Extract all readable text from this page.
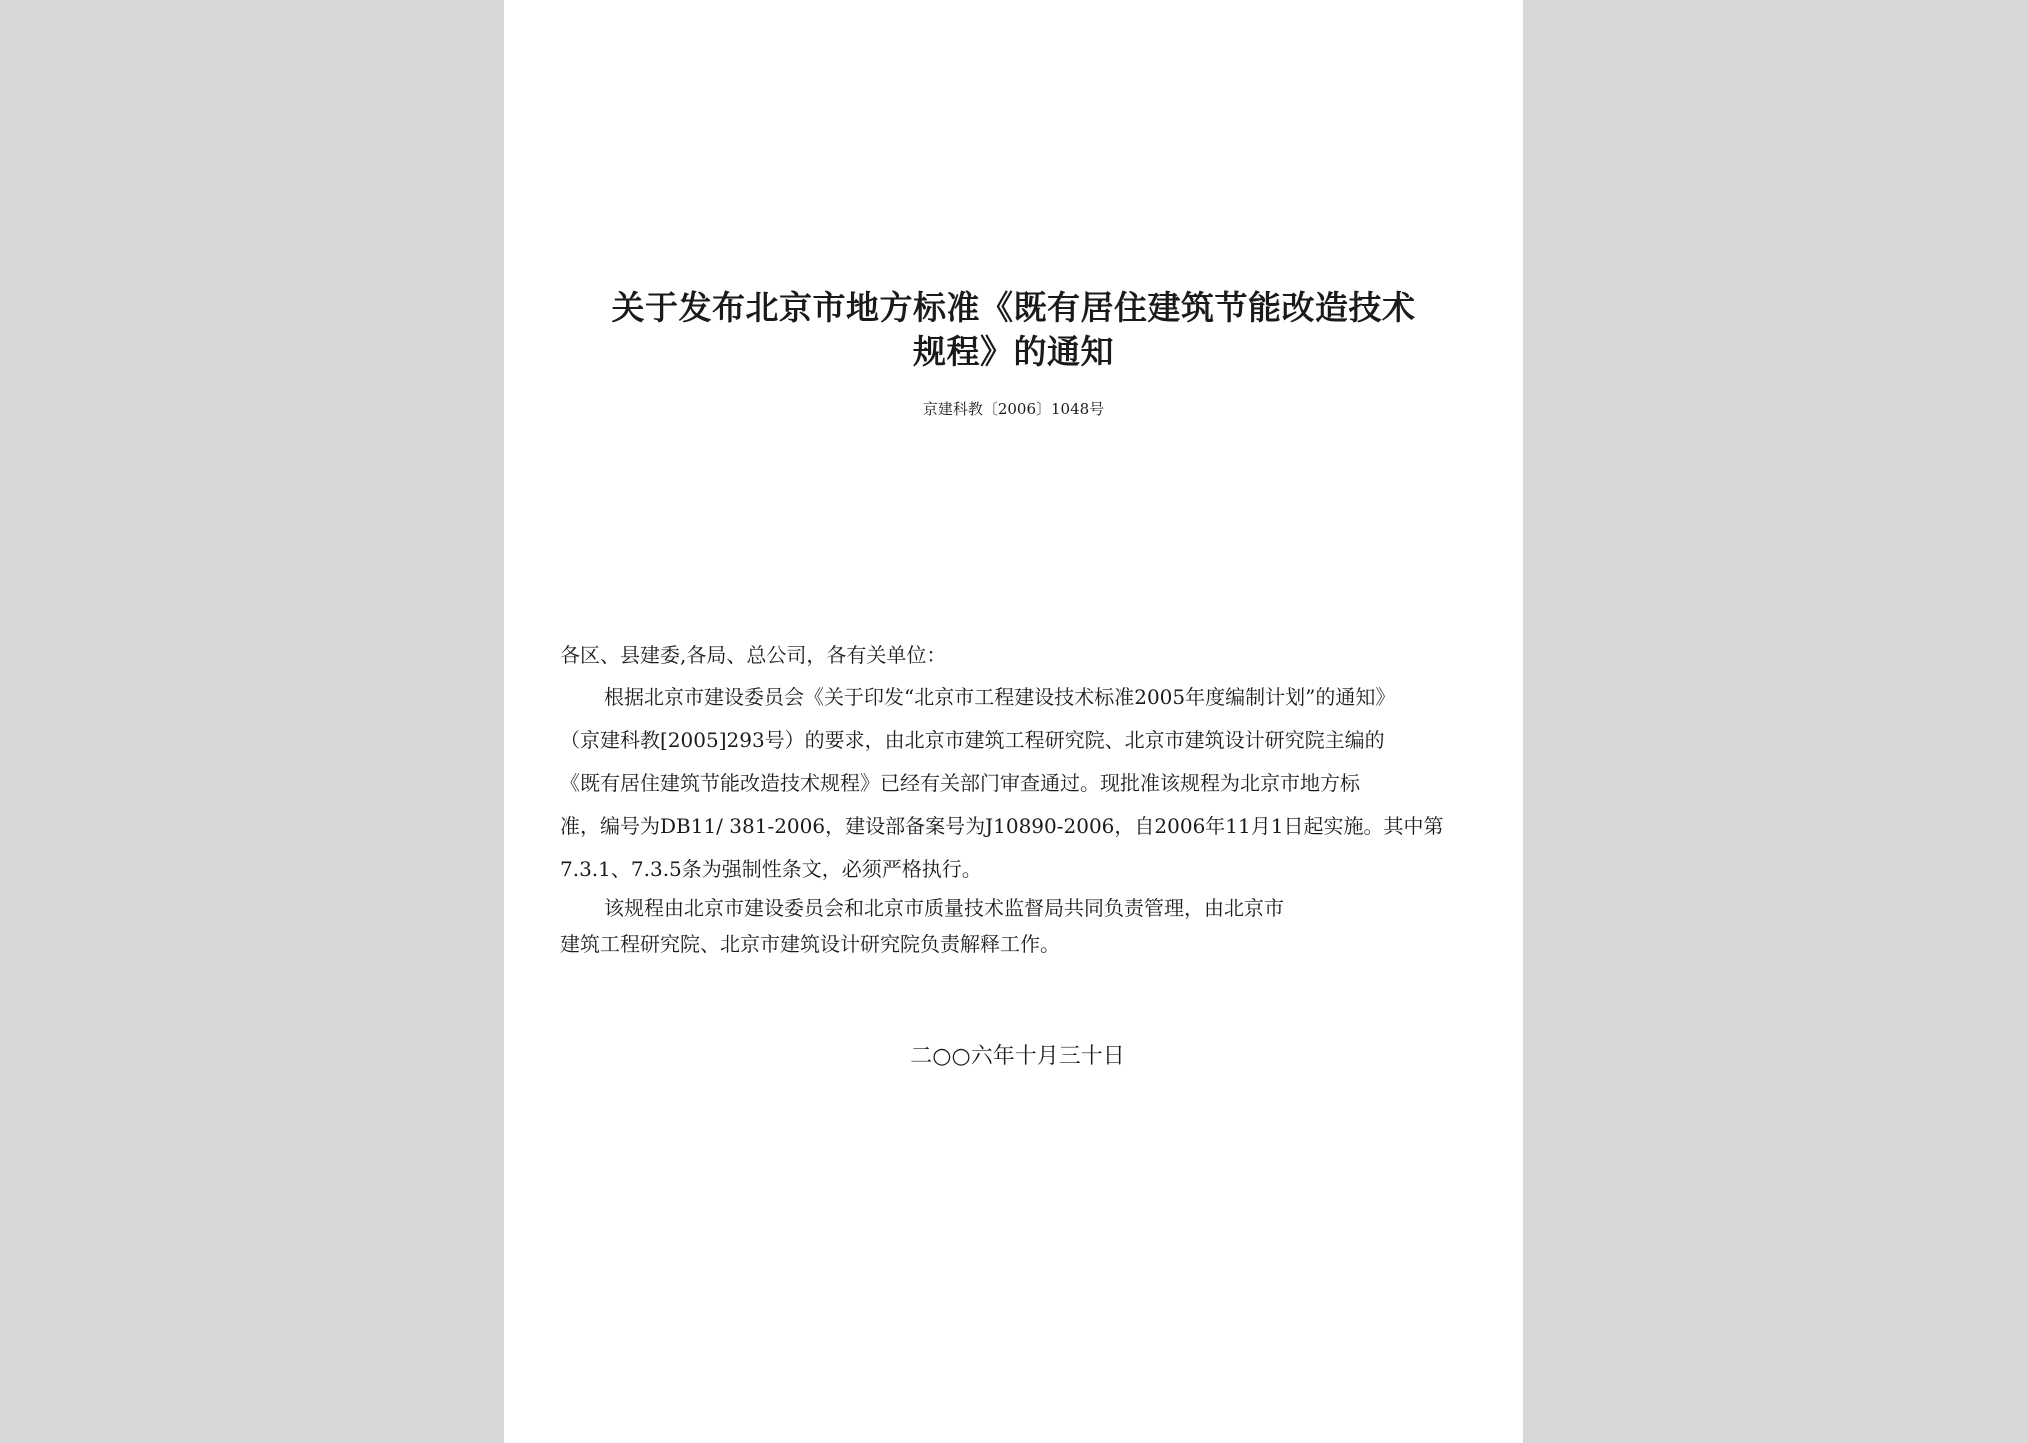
关于发布北京市地方标准《既有居住建筑节能改造技术
规程》的通知
京建科教〔2006〕1048号
各区、县建委,各局、总公司，各有关单位：
根据北京市建设委员会《关于印发“北京市工程建设技术标准2005年度编制计划”的通知》
（京建科教[2005]293号）的要求，由北京市建筑工程研究院、北京市建筑设计研究院主编的
《既有居住建筑节能改造技术规程》已经有关部门审查通过。现批准该规程为北京市地方标
准，编号为DB11/ 381-2006，建设部备案号为J10890-2006，自2006年11月1日起实施。其中第
7.3.1、7.3.5条为强制性条文，必须严格执行。
该规程由北京市建设委员会和北京市质量技术监督局共同负责管理，由北京市
建筑工程研究院、北京市建筑设计研究院负责解释工作。
二○○六年十月三十日
